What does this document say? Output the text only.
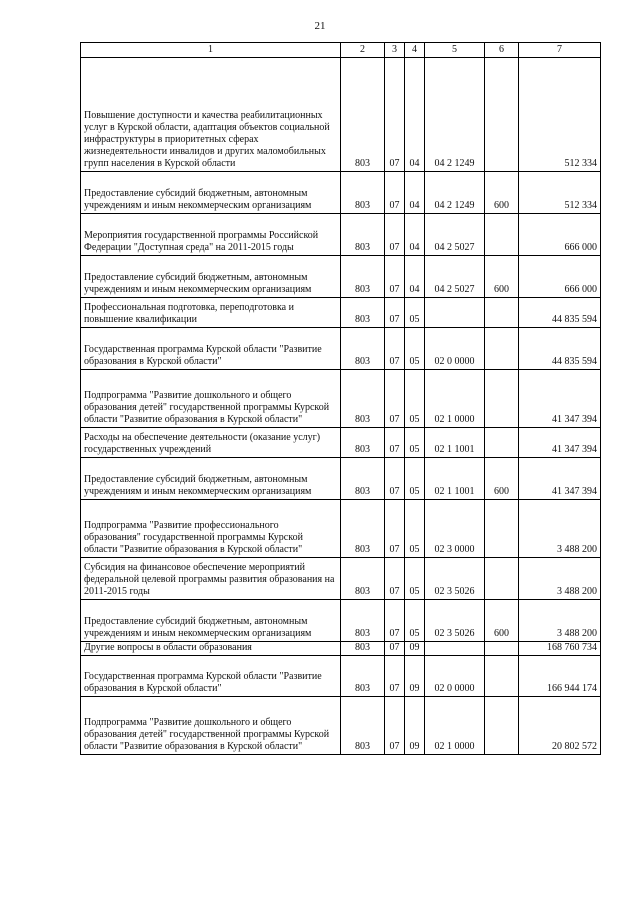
21
1	2	3	4	5	6	7
Повышение доступности и качества реабилитационных услуг в Курской области, адаптация объектов социальной инфраструктуры в приоритетных сферах жизнедеятельности инвалидов и других маломобильных групп населения в Курской области	803	07	04	04 2 1249		512 334
Предоставление субсидий бюджетным, автономным учреждениям и иным некоммерческим организациям	803	07	04	04 2 1249	600	512 334
Мероприятия государственной программы Российской Федерации "Доступная среда" на 2011-2015 годы	803	07	04	04 2 5027		666 000
Предоставление субсидий бюджетным, автономным учреждениям и иным некоммерческим организациям	803	07	04	04 2 5027	600	666 000
Профессиональная подготовка, переподготовка и повышение квалификации	803	07	05			44 835 594
Государственная программа Курской области "Развитие образования в Курской области"	803	07	05	02 0 0000		44 835 594
Подпрограмма "Развитие дошкольного и общего образования детей" государственной программы Курской области "Развитие образования в Курской области"	803	07	05	02 1 0000		41 347 394
Расходы на обеспечение деятельности (оказание услуг) государственных учреждений	803	07	05	02 1 1001		41 347 394
Предоставление субсидий бюджетным, автономным учреждениям и иным некоммерческим организациям	803	07	05	02 1 1001	600	41 347 394
Подпрограмма "Развитие профессионального образования" государственной программы Курской области "Развитие образования в Курской области"	803	07	05	02 3 0000		3 488 200
Субсидия на финансовое обеспечение мероприятий федеральной целевой программы развития образования на 2011-2015 годы	803	07	05	02 3 5026		3 488 200
Предоставление субсидий бюджетным, автономным учреждениям и иным некоммерческим организациям	803	07	05	02 3 5026	600	3 488 200
Другие вопросы в области образования	803	07	09			168 760 734
Государственная программа Курской области "Развитие образования в Курской области"	803	07	09	02 0 0000		166 944 174
Подпрограмма "Развитие дошкольного и общего образования детей" государственной программы Курской области "Развитие образования в Курской области"	803	07	09	02 1 0000		20 802 572
